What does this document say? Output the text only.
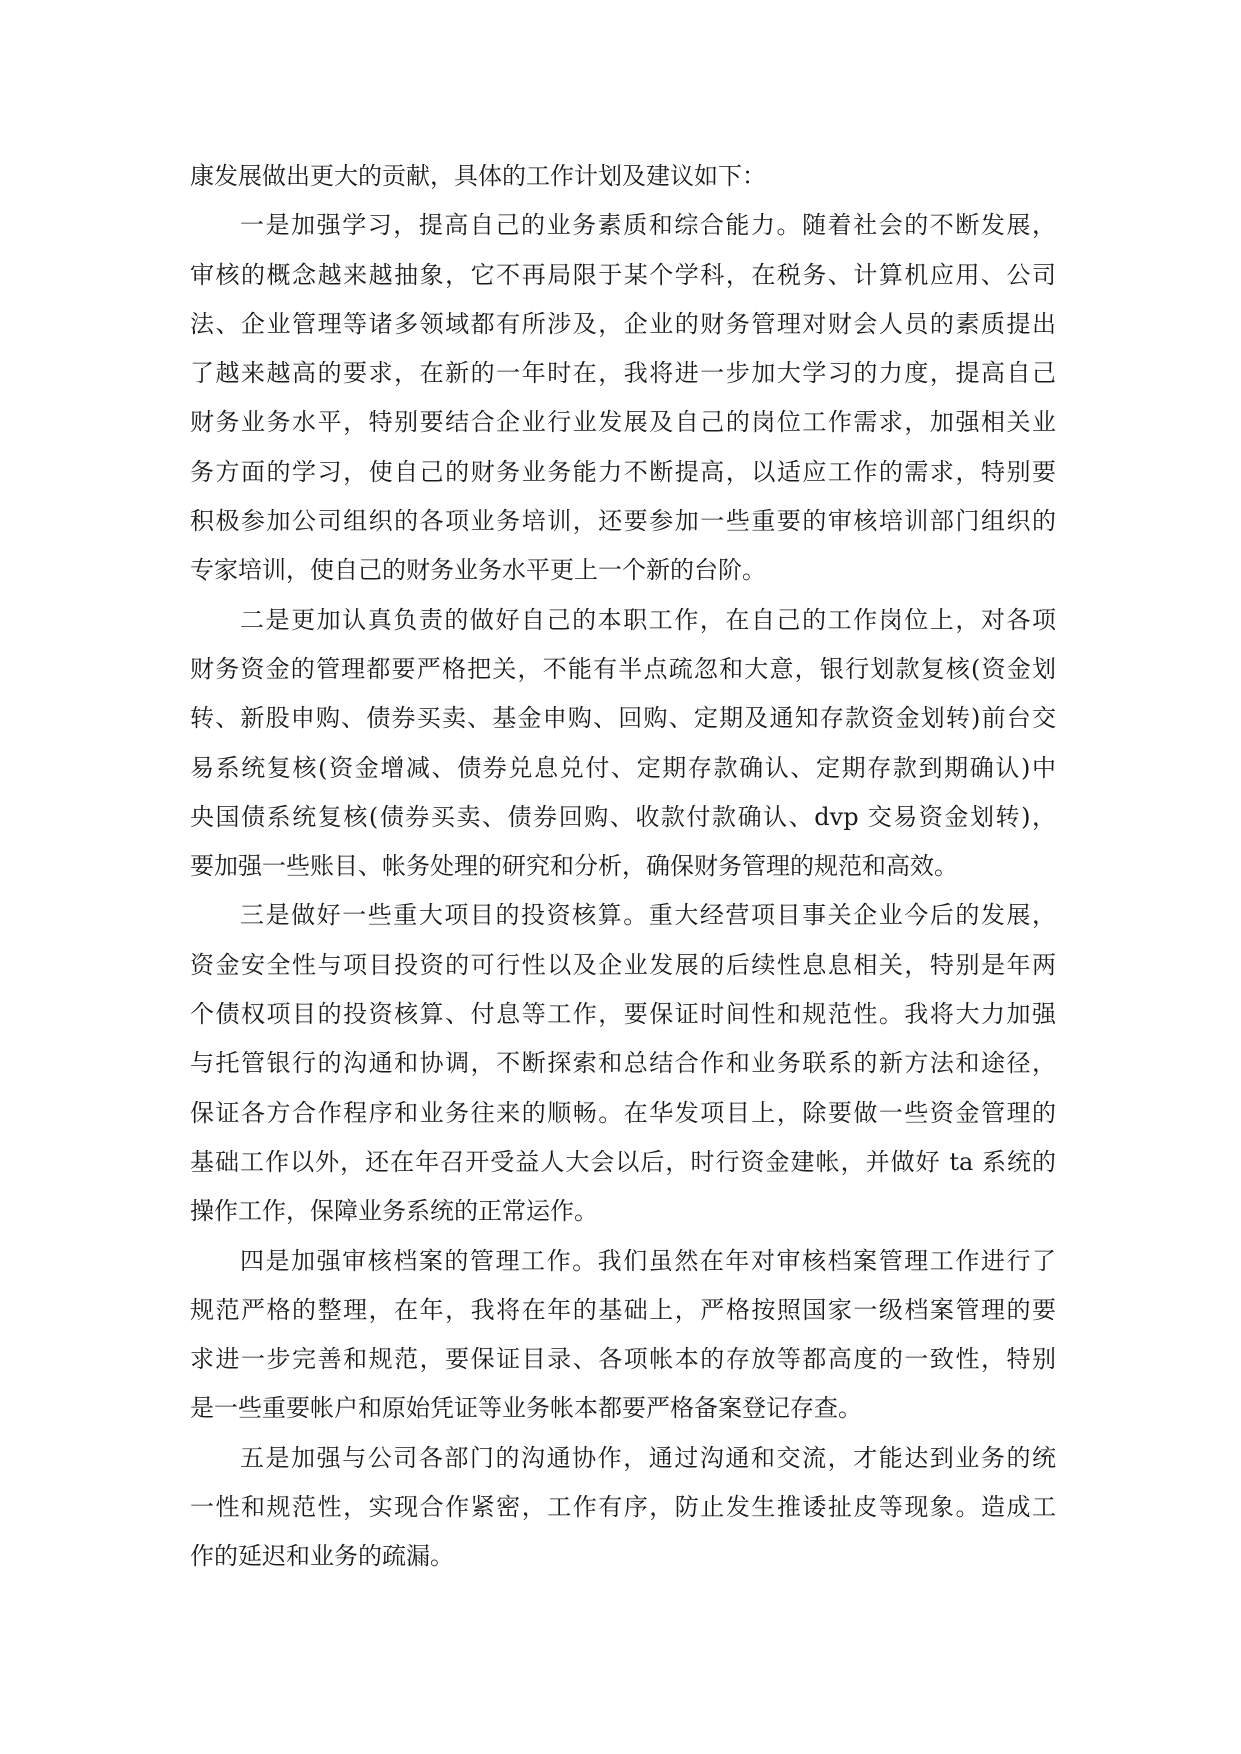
康发展做出更大的贡献，具体的工作计划及建议如下：
一是加强学习，提高自己的业务素质和综合能力。随着社会的不断发展，
审核的概念越来越抽象，它不再局限于某个学科，在税务、计算机应用、公司
法、企业管理等诸多领域都有所涉及，企业的财务管理对财会人员的素质提出
了越来越高的要求，在新的一年时在，我将进一步加大学习的力度，提高自己
财务业务水平，特别要结合企业行业发展及自己的岗位工作需求，加强相关业
务方面的学习，使自己的财务业务能力不断提高，以适应工作的需求，特别要
积极参加公司组织的各项业务培训，还要参加一些重要的审核培训部门组织的
专家培训，使自己的财务业务水平更上一个新的台阶。
二是更加认真负责的做好自己的本职工作，在自己的工作岗位上，对各项
财务资金的管理都要严格把关，不能有半点疏忽和大意，银行划款复核(资金划
转、新股申购、债券买卖、基金申购、回购、定期及通知存款资金划转)前台交
易系统复核(资金增减、债券兑息兑付、定期存款确认、定期存款到期确认)中
央国债系统复核(债券买卖、债券回购、收款付款确认、dvp 交易资金划转)，
要加强一些账目、帐务处理的研究和分析，确保财务管理的规范和高效。
三是做好一些重大项目的投资核算。重大经营项目事关企业今后的发展，
资金安全性与项目投资的可行性以及企业发展的后续性息息相关，特别是年两
个债权项目的投资核算、付息等工作，要保证时间性和规范性。我将大力加强
与托管银行的沟通和协调，不断探索和总结合作和业务联系的新方法和途径，
保证各方合作程序和业务往来的顺畅。在华发项目上，除要做一些资金管理的
基础工作以外，还在年召开受益人大会以后，时行资金建帐，并做好 ta 系统的
操作工作，保障业务系统的正常运作。
四是加强审核档案的管理工作。我们虽然在年对审核档案管理工作进行了
规范严格的整理，在年，我将在年的基础上，严格按照国家一级档案管理的要
求进一步完善和规范，要保证目录、各项帐本的存放等都高度的一致性，特别
是一些重要帐户和原始凭证等业务帐本都要严格备案登记存查。
五是加强与公司各部门的沟通协作，通过沟通和交流，才能达到业务的统
一性和规范性，实现合作紧密，工作有序，防止发生推诿扯皮等现象。造成工
作的延迟和业务的疏漏。
